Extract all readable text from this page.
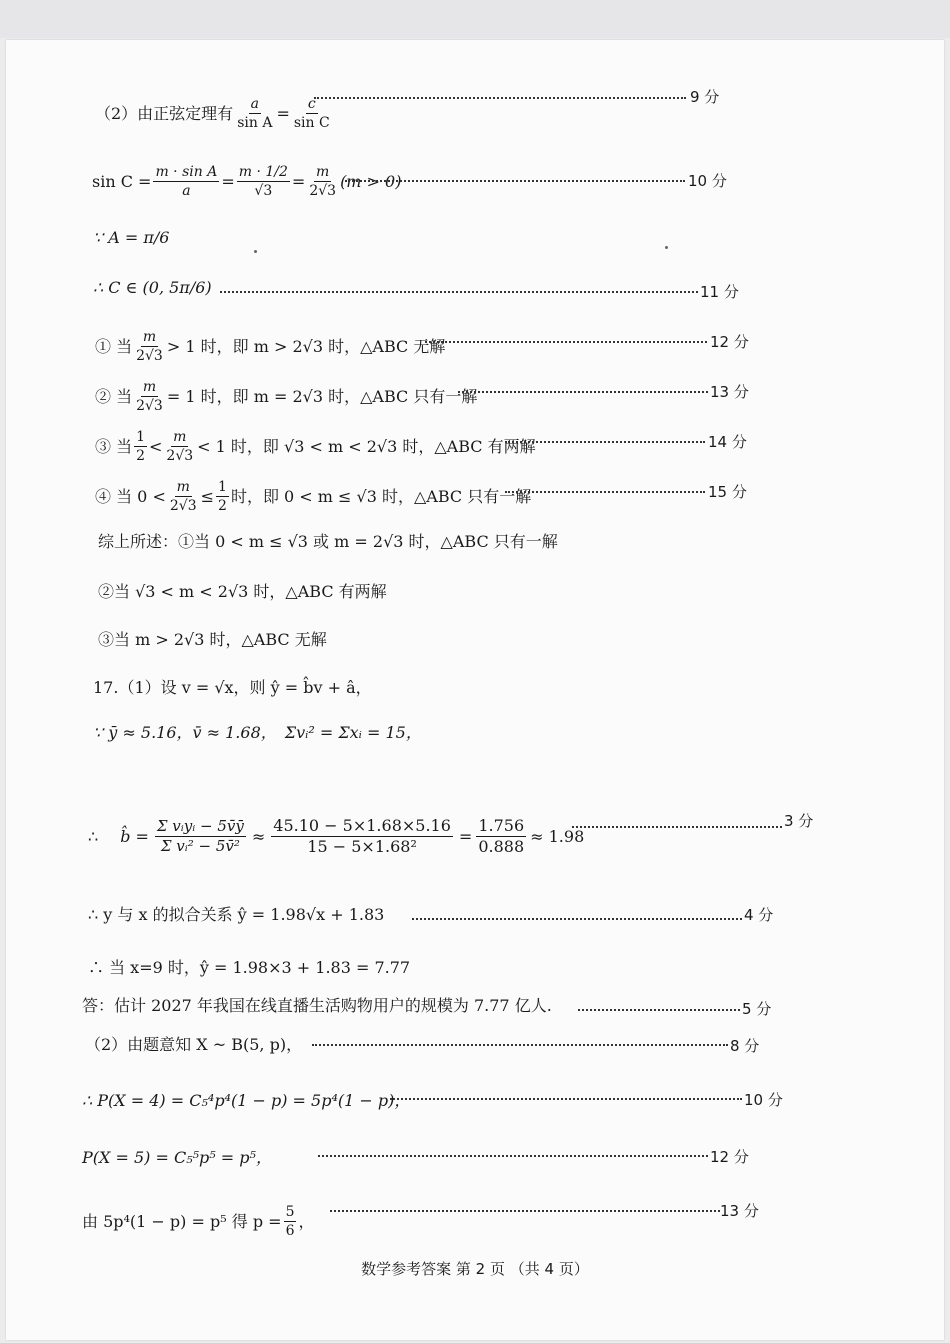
（2）由正弦定理有 $\frac{a}{\text{sin A}} = \frac{c}{\text{sin C}}$	9 分
$\sin C = \frac{\text{m · sin A}}{a} = \frac{m \cdot 1/2}{√3} = \frac{m}{2√3} (m > 0)$	10 分
∵ A = π/6
∴ C ∈ (0, 5π/6)	11 分
① 当 $\frac{m}{2√3} > 1$ 时，即 m > 2√3 时，△ABC 无解	12 分
② 当 $\frac{m}{2√3} = 1$ 时，即 m = 2√3 时，△ABC 只有一解	13 分
③ 当 $\frac{1}{2} < \frac{m}{2√3} < 1$ 时，即 √3 < m < 2√3 时，△ABC 有两解	14 分
④ 当 $0 < \frac{m}{2√3} \le \frac{1}{2}$ 时，即 0 < m ≤ √3 时，△ABC 只有一解	15 分
综上所述：①当 0 < m ≤ √3 或 m = 2√3 时，△ABC 只有一解
②当 √3 < m < 2√3 时，△ABC 有两解
③当 m > 2√3 时，△ABC 无解
17.（1）设 v = √x，则 ŷ = b̂v + â，
∵ ȳ ≈ 5.16，v̄ ≈ 1.68， Σvᵢ² = Σxᵢ = 15，
∴ b̂ = $\frac{\text{Σ vᵢyᵢ − 5v̄ȳ}}{\text{Σ vᵢ² − 5v̄²}} \approx \frac{45.10 - 5\times 1.68\times 5.16}{\text{15 − 5×1.68²}} = \frac{1.756}{0.888} \approx 1.98$
3 分
∴ y 与 x 的拟合关系 ŷ = 1.98√x + 1.83	4 分
∴ 当 x=9 时，ŷ = 1.98×3 + 1.83 = 7.77
答：估计 2027 年我国在线直播生活购物用户的规模为 7.77 亿人.	5 分
（2）由题意知 X ~ B(5, p)，	8 分
∴ P(X = 4) = C₅⁴p⁴(1 − p) = 5p⁴(1 − p)，	10 分
P(X = 5) = C₅⁵p⁵ = p⁵，	12 分
由 5p⁴(1 − p) = p⁵ 得 $p = \frac{5}{6}$ ，
13 分
数学参考答案 第 2 页 （共 4 页）
